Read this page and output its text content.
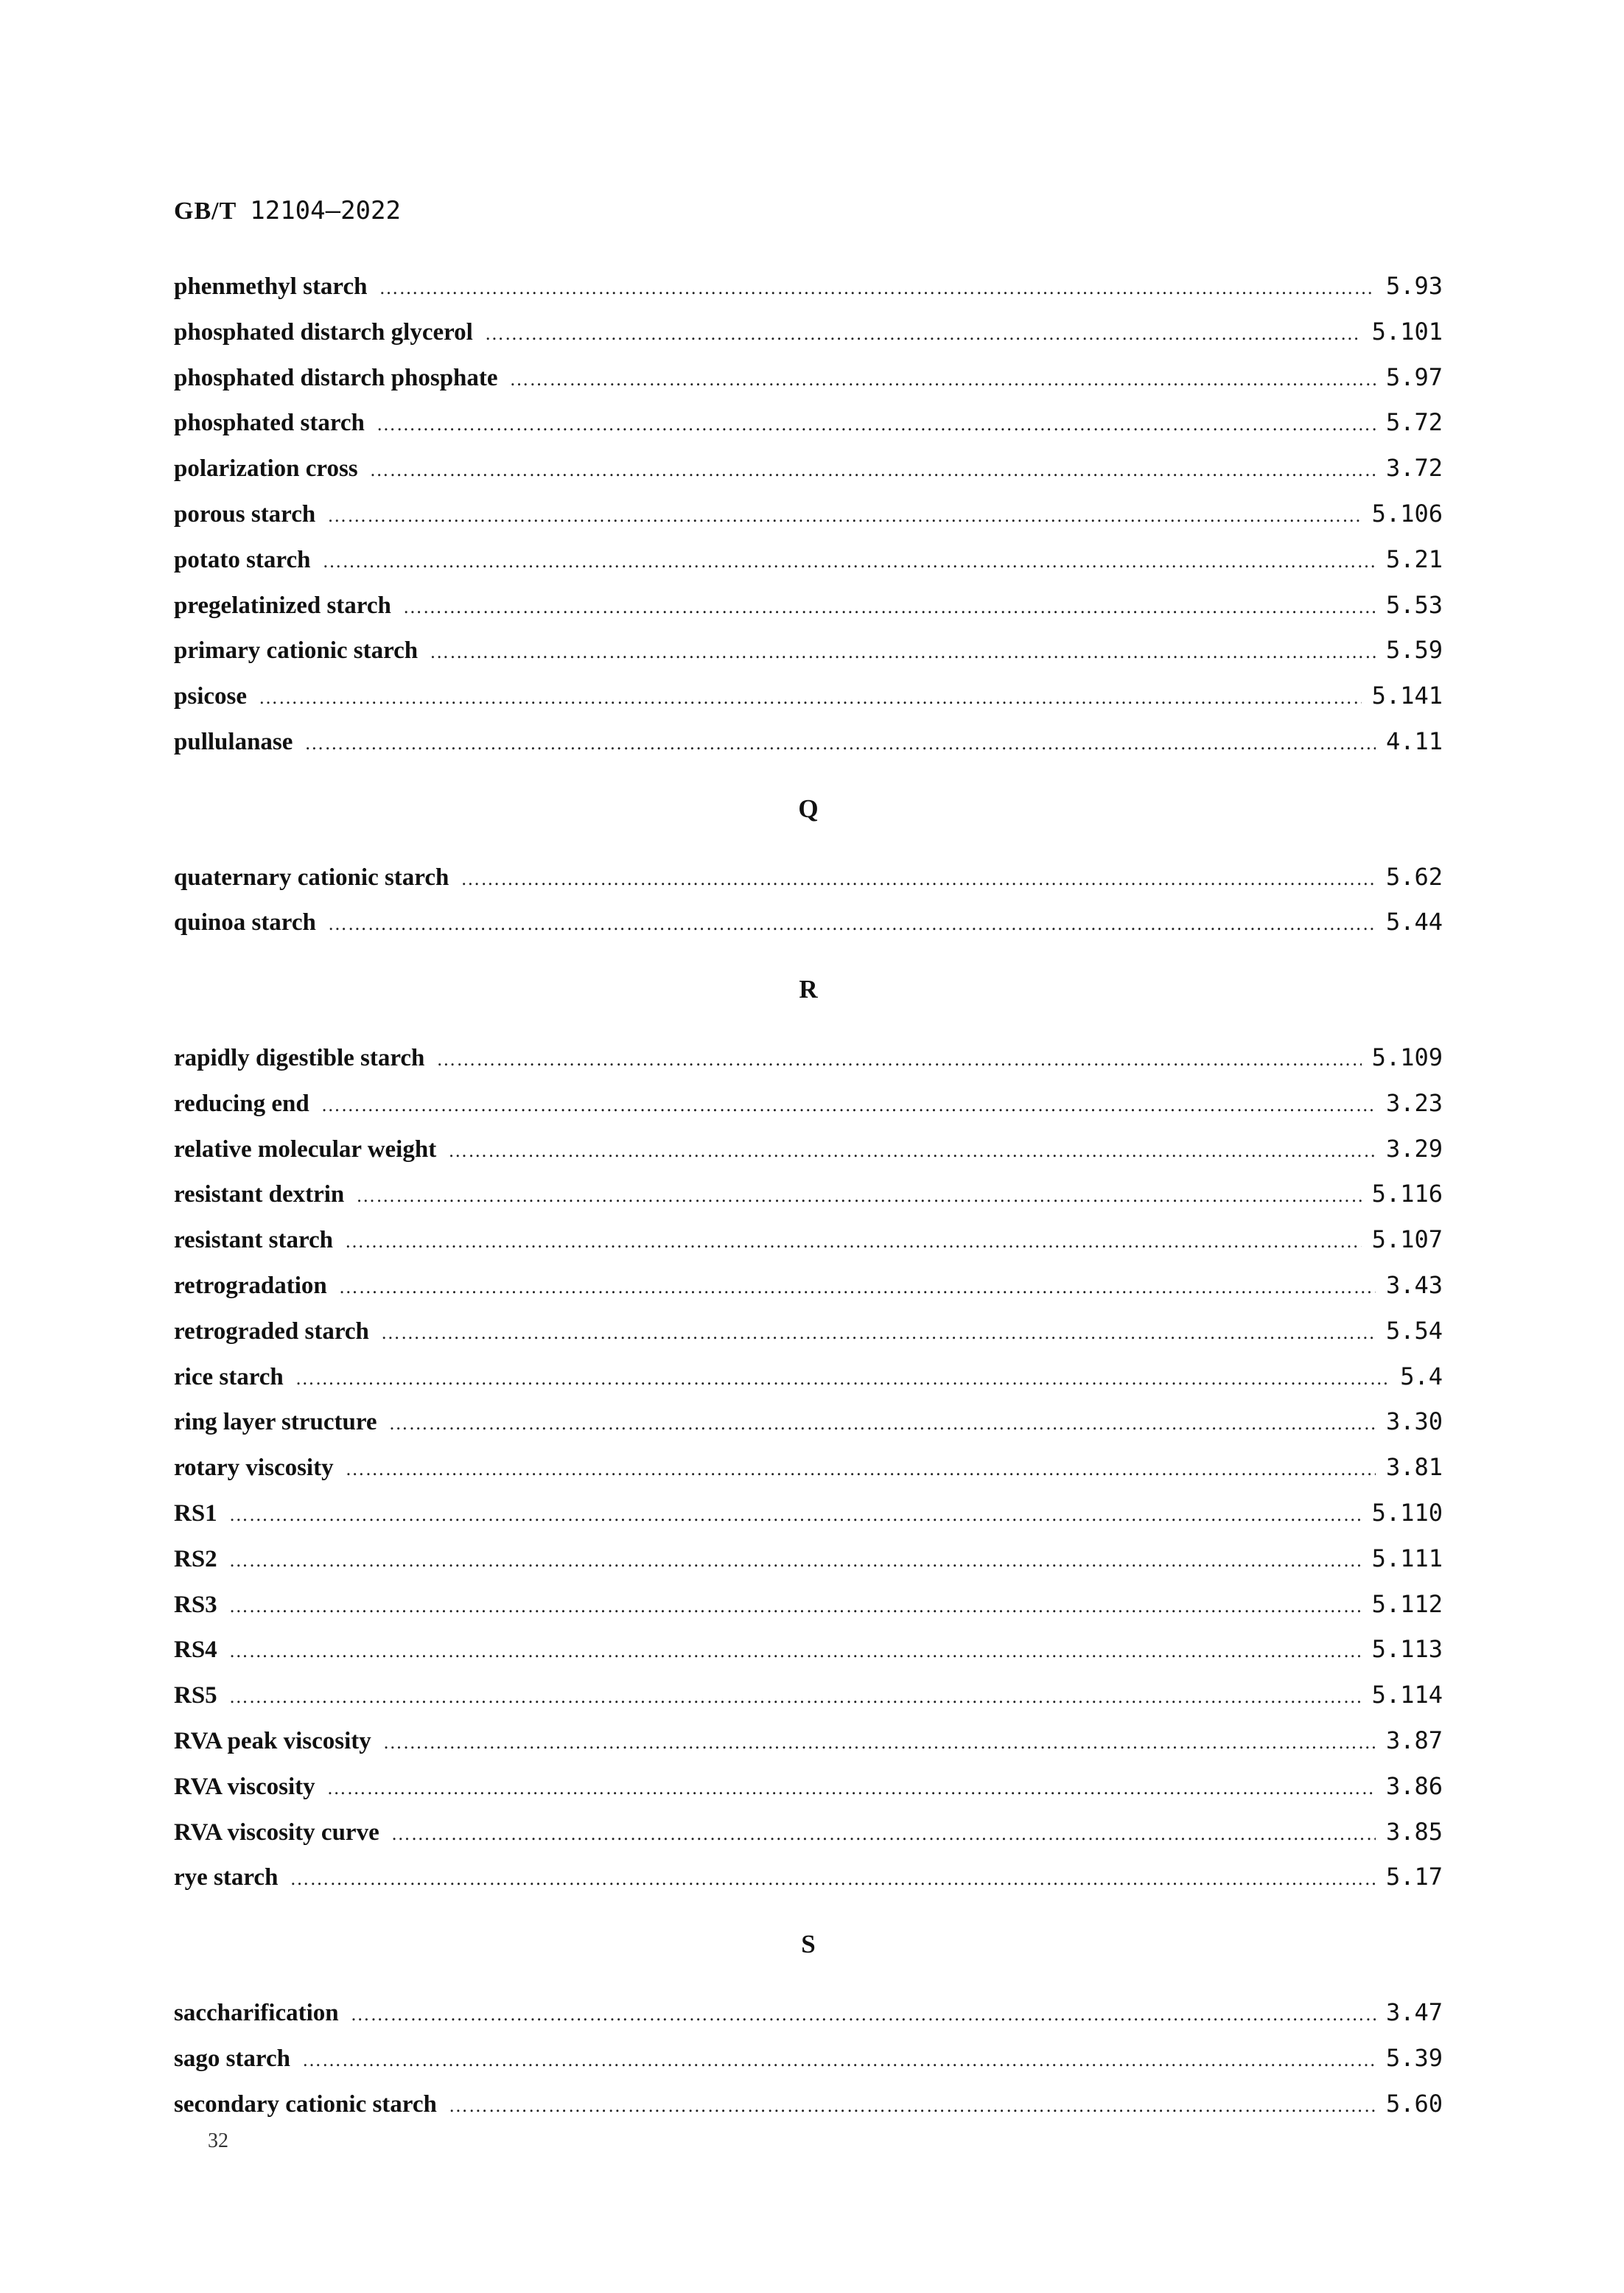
GB/T 12104—2022
phenmethyl starch ………………………………………………………………………………………………………………………………………………………………………………………………………………………………………………	5.93
phosphated distarch glycerol ………………………………………………………………………………………………………………………………………………………………………………………………………………………………………………	5.101
phosphated distarch phosphate ………………………………………………………………………………………………………………………………………………………………………………………………………………………………………………	5.97
phosphated starch ………………………………………………………………………………………………………………………………………………………………………………………………………………………………………………	5.72
polarization cross ………………………………………………………………………………………………………………………………………………………………………………………………………………………………………………	3.72
porous starch ………………………………………………………………………………………………………………………………………………………………………………………………………………………………………………	5.106
potato starch ………………………………………………………………………………………………………………………………………………………………………………………………………………………………………………	5.21
pregelatinized starch ………………………………………………………………………………………………………………………………………………………………………………………………………………………………………………	5.53
primary cationic starch ………………………………………………………………………………………………………………………………………………………………………………………………………………………………………………	5.59
psicose ………………………………………………………………………………………………………………………………………………………………………………………………………………………………………………	5.141
pullulanase ………………………………………………………………………………………………………………………………………………………………………………………………………………………………………………	4.11
Q
quaternary cationic starch ………………………………………………………………………………………………………………………………………………………………………………………………………………………………………………	5.62
quinoa starch ………………………………………………………………………………………………………………………………………………………………………………………………………………………………………………	5.44
R
rapidly digestible starch ………………………………………………………………………………………………………………………………………………………………………………………………………………………………………………	5.109
reducing end ………………………………………………………………………………………………………………………………………………………………………………………………………………………………………………	3.23
relative molecular weight ………………………………………………………………………………………………………………………………………………………………………………………………………………………………………………	3.29
resistant dextrin ………………………………………………………………………………………………………………………………………………………………………………………………………………………………………………	5.116
resistant starch ………………………………………………………………………………………………………………………………………………………………………………………………………………………………………………	5.107
retrogradation ………………………………………………………………………………………………………………………………………………………………………………………………………………………………………………	3.43
retrograded starch ………………………………………………………………………………………………………………………………………………………………………………………………………………………………………………	5.54
rice starch ………………………………………………………………………………………………………………………………………………………………………………………………………………………………………………	5.4
ring layer structure ………………………………………………………………………………………………………………………………………………………………………………………………………………………………………………	3.30
rotary viscosity ………………………………………………………………………………………………………………………………………………………………………………………………………………………………………………	3.81
RS1 ………………………………………………………………………………………………………………………………………………………………………………………………………………………………………………	5.110
RS2 ………………………………………………………………………………………………………………………………………………………………………………………………………………………………………………	5.111
RS3 ………………………………………………………………………………………………………………………………………………………………………………………………………………………………………………	5.112
RS4 ………………………………………………………………………………………………………………………………………………………………………………………………………………………………………………	5.113
RS5 ………………………………………………………………………………………………………………………………………………………………………………………………………………………………………………	5.114
RVA peak viscosity ………………………………………………………………………………………………………………………………………………………………………………………………………………………………………………	3.87
RVA viscosity ………………………………………………………………………………………………………………………………………………………………………………………………………………………………………………	3.86
RVA viscosity curve ………………………………………………………………………………………………………………………………………………………………………………………………………………………………………………	3.85
rye starch ………………………………………………………………………………………………………………………………………………………………………………………………………………………………………………	5.17
S
saccharification ………………………………………………………………………………………………………………………………………………………………………………………………………………………………………………	3.47
sago starch ………………………………………………………………………………………………………………………………………………………………………………………………………………………………………………	5.39
secondary cationic starch ………………………………………………………………………………………………………………………………………………………………………………………………………………………………………………	5.60
32
